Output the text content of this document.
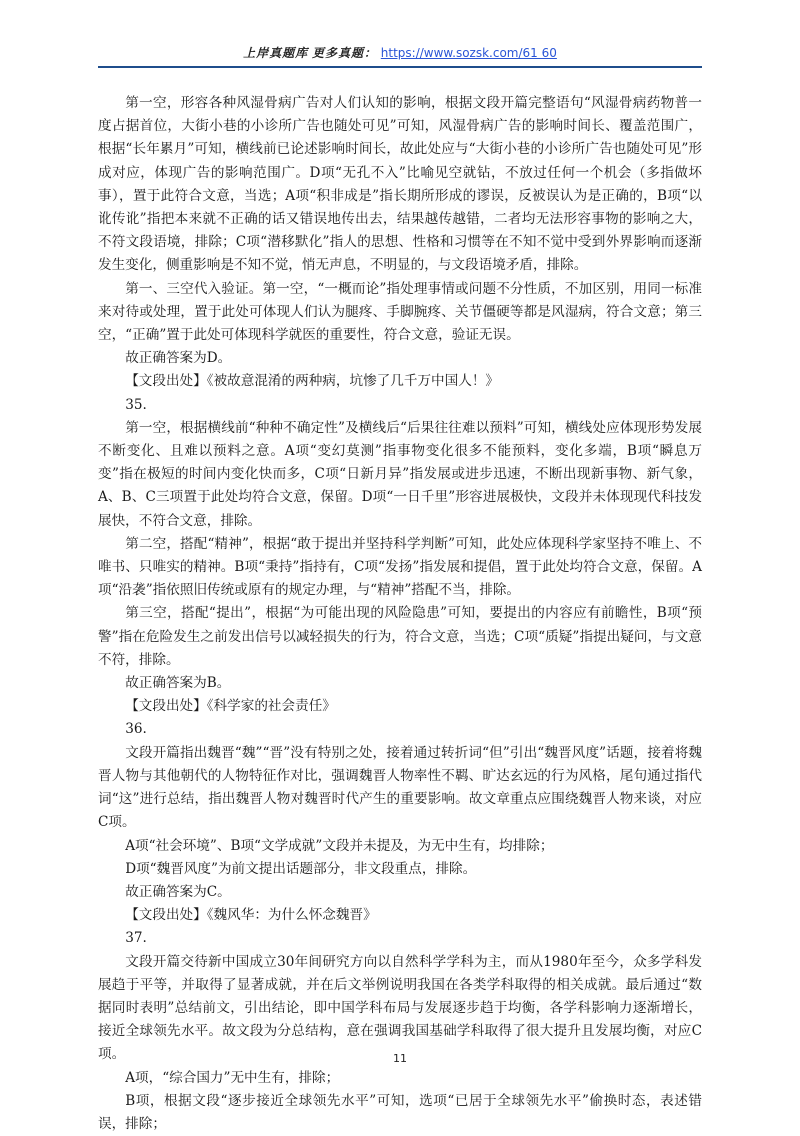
上岸真题库 更多真题： https://www.sozsk.com/61 60

第一空，形容各种风湿骨病广告对人们认知的影响，根据文段开篇完整语句“风湿骨病药物普一度占据首位，大街小巷的小诊所广告也随处可见”可知，风湿骨病广告的影响时间长、覆盖范围广，根据“长年累月”可知，横线前已论述影响时间长，故此处应与“大街小巷的小诊所广告也随处可见”形成对应，体现广告的影响范围广。D项“无孔不入”比喻见空就钻，不放过任何一个机会（多指做坏事），置于此符合文意，当选；A项“积非成是”指长期所形成的谬误，反被误认为是正确的，B项“以讹传讹”指把本来就不正确的话又错误地传出去，结果越传越错，二者均无法形容事物的影响之大，不符文段语境，排除；C项“潜移默化”指人的思想、性格和习惯等在不知不觉中受到外界影响而逐渐发生变化，侧重影响是不知不觉，悄无声息，不明显的，与文段语境矛盾，排除。

第一、三空代入验证。第一空，“一概而论”指处理事情或问题不分性质，不加区别，用同一标准来对待或处理，置于此处可体现人们认为腿疼、手脚腕疼、关节僵硬等都是风湿病，符合文意；第三空，“正确”置于此处可体现科学就医的重要性，符合文意，验证无误。

故正确答案为D。

【文段出处】《被故意混淆的两种病，坑惨了几千万中国人！》

35.

第一空，根据横线前“种种不确定性”及横线后“后果往往难以预料”可知，横线处应体现形势发展不断变化、且难以预料之意。A项“变幻莫测”指事物变化很多不能预料，变化多端，B项“瞬息万变”指在极短的时间内变化快而多，C项“日新月异”指发展或进步迅速，不断出现新事物、新气象，A、B、C三项置于此处均符合文意，保留。D项“一日千里”形容进展极快，文段并未体现现代科技发展快，不符合文意，排除。

第二空，搭配“精神”，根据“敢于提出并坚持科学判断”可知，此处应体现科学家坚持不唯上、不唯书、只唯实的精神。B项“秉持”指持有，C项“发扬”指发展和提倡，置于此处均符合文意，保留。A项“沿袭”指依照旧传统或原有的规定办理，与“精神”搭配不当，排除。

第三空，搭配“提出”，根据“为可能出现的风险隐患”可知，要提出的内容应有前瞻性，B项“预警”指在危险发生之前发出信号以减轻损失的行为，符合文意，当选；C项“质疑”指提出疑问，与文意不符，排除。

故正确答案为B。

【文段出处】《科学家的社会责任》

36.

文段开篇指出魏晋“魏”“晋”没有特别之处，接着通过转折词“但”引出“魏晋风度”话题，接着将魏晋人物与其他朝代的人物特征作对比，强调魏晋人物率性不羁、旷达玄远的行为风格，尾句通过指代词“这”进行总结，指出魏晋人物对魏晋时代产生的重要影响。故文章重点应围绕魏晋人物来谈，对应C项。

A项“社会环境”、B项“文学成就”文段并未提及，为无中生有，均排除；

D项“魏晋风度”为前文提出话题部分，非文段重点，排除。

故正确答案为C。

【文段出处】《魏风华：为什么怀念魏晋》

37.

文段开篇交待新中国成立30年间研究方向以自然科学学科为主，而从1980年至今，众多学科发展趋于平等，并取得了显著成就，并在后文举例说明我国在各类学科取得的相关成就。最后通过“数据同时表明”总结前文，引出结论，即中国学科布局与发展逐步趋于均衡，各学科影响力逐渐增长，接近全球领先水平。故文段为分总结构，意在强调我国基础学科取得了很大提升且发展均衡，对应C项。

A项，“综合国力”无中生有，排除；

B项，根据文段“逐步接近全球领先水平”可知，选项“已居于全球领先水平”偷换时态，表述错误，排除；

11
